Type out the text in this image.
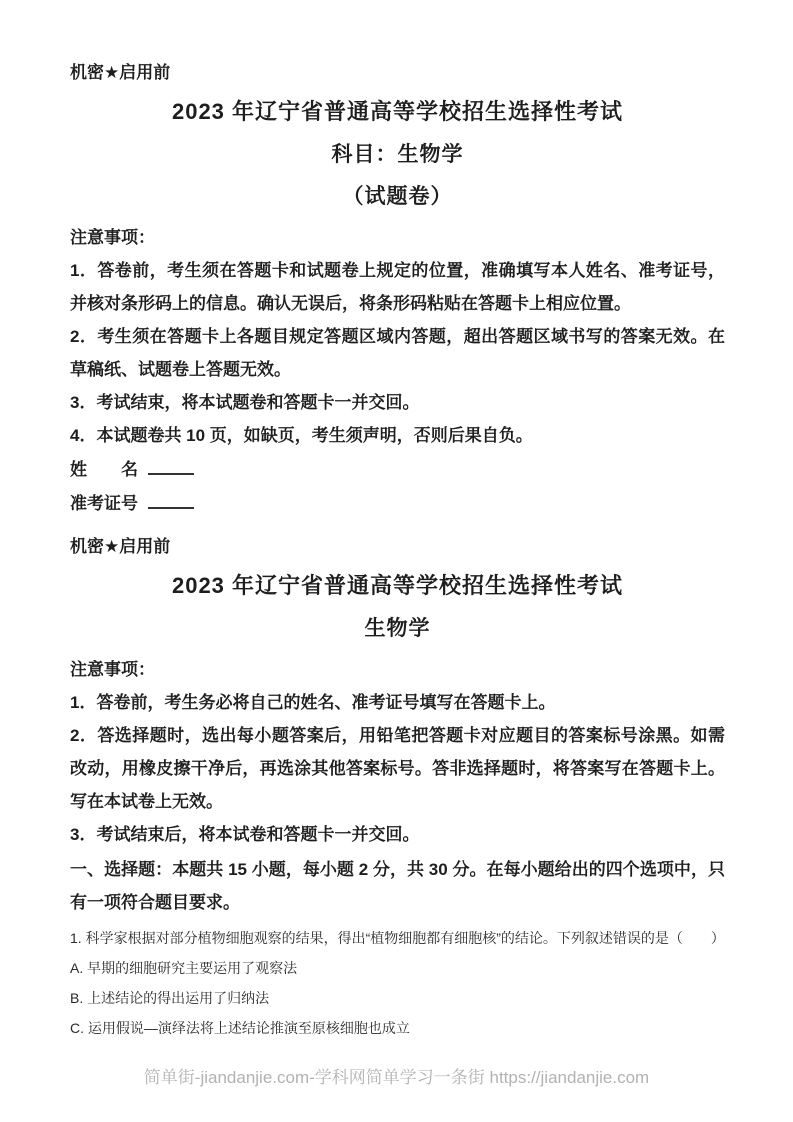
机密★启用前
2023 年辽宁省普通高等学校招生选择性考试
科目：生物学
（试题卷）
注意事项：

1．答卷前，考生须在答题卡和试题卷上规定的位置，准确填写本人姓名、准考证号，并核对条形码上的信息。确认无误后，将条形码粘贴在答题卡上相应位置。

2．考生须在答题卡上各题目规定答题区域内答题，超出答题区域书写的答案无效。在草稿纸、试题卷上答题无效。

3．考试结束，将本试题卷和答题卡一并交回。

4．本试题卷共 10 页，如缺页，考生须声明，否则后果自负。

姓　　名
准考证号
机密★启用前
2023 年辽宁省普通高等学校招生选择性考试
生物学
注意事项：

1．答卷前，考生务必将自己的姓名、准考证号填写在答题卡上。

2．答选择题时，选出每小题答案后，用铅笔把答题卡对应题目的答案标号涂黑。如需改动，用橡皮擦干净后，再选涂其他答案标号。答非选择题时，将答案写在答题卡上。写在本试卷上无效。

3．考试结束后，将本试卷和答题卡一并交回。

一、选择题：本题共 15 小题，每小题 2 分，共 30 分。在每小题给出的四个选项中，只有一项符合题目要求。

1. 科学家根据对部分植物细胞观察的结果，得出“植物细胞都有细胞核”的结论。下列叙述错误的是（　　）

A. 早期的细胞研究主要运用了观察法

B. 上述结论的得出运用了归纳法

C. 运用假说—演绎法将上述结论推演至原核细胞也成立

简单街-jiandanjie.com-学科网简单学习一条街 https://jiandanjie.com
